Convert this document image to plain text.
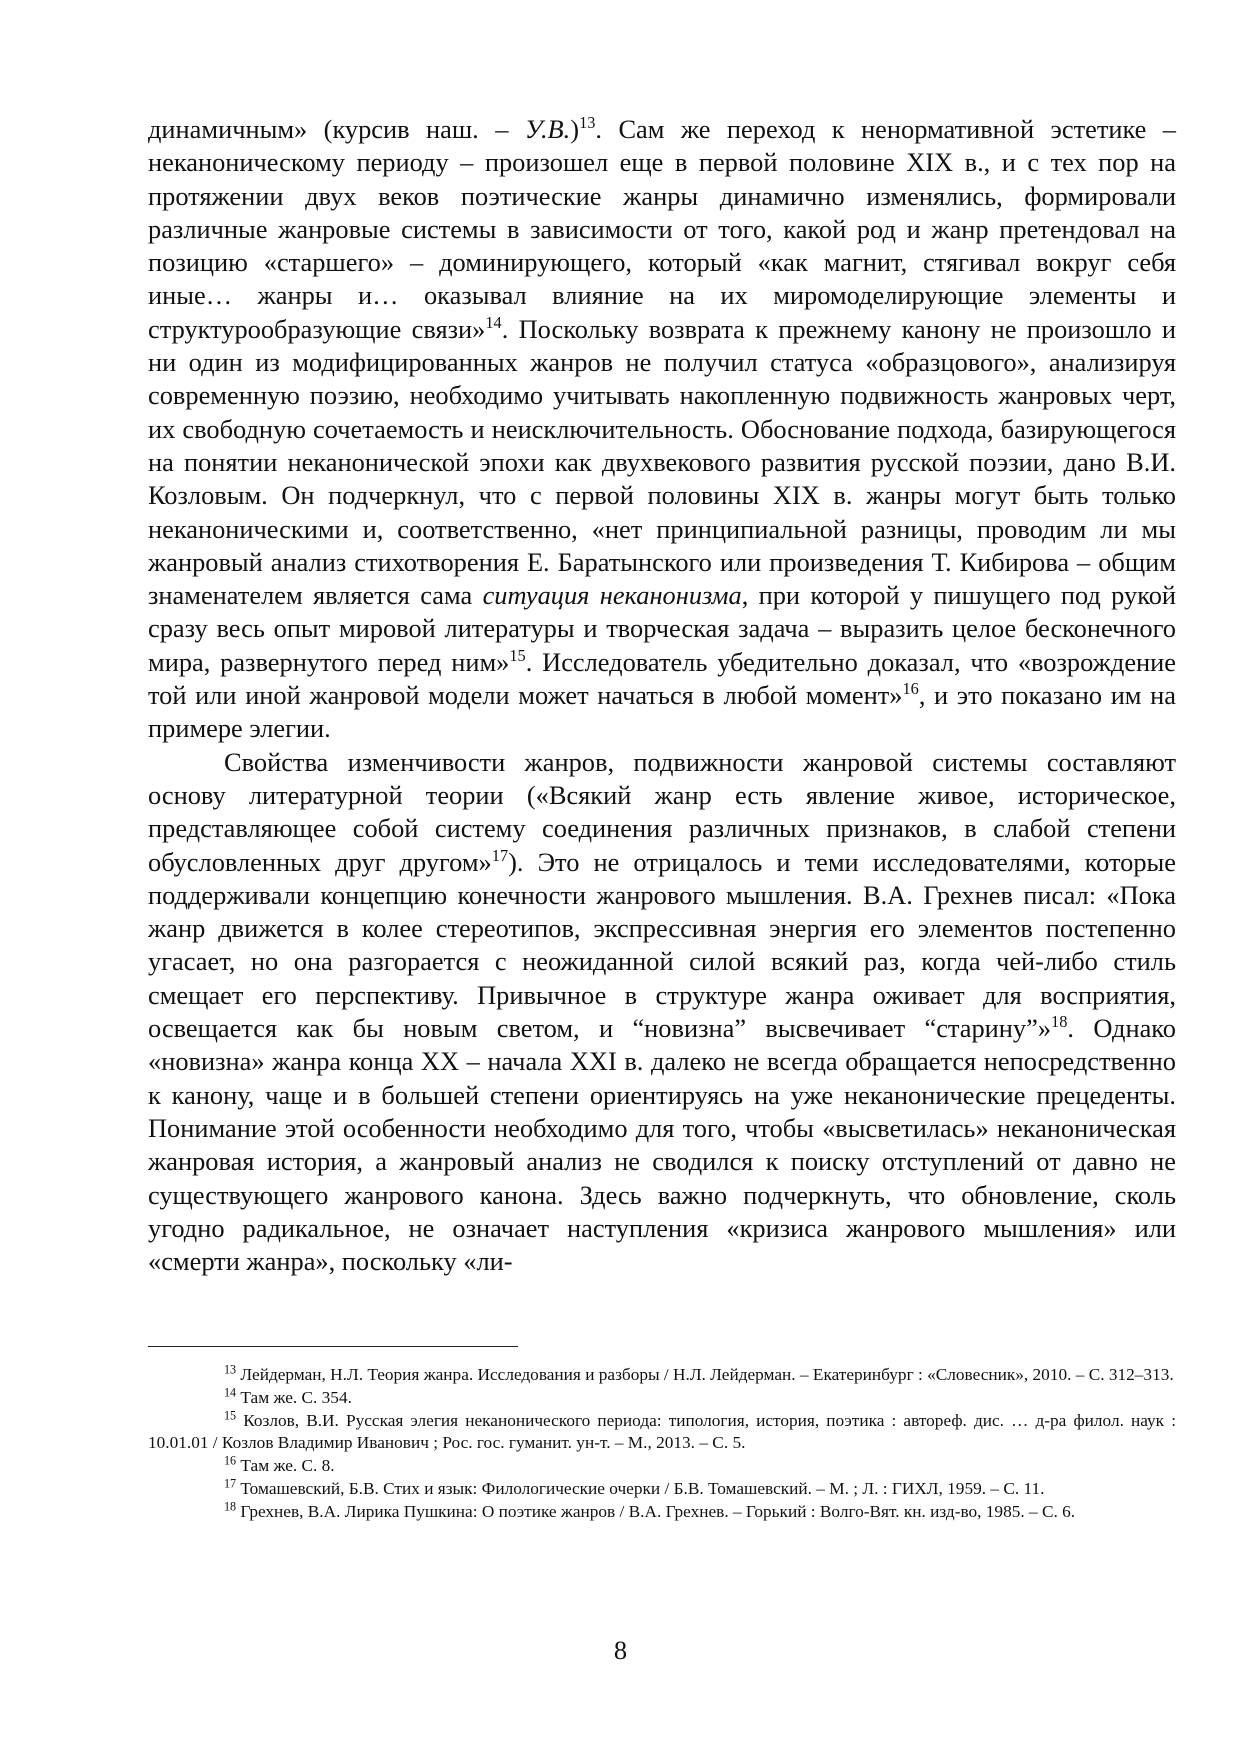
динамичным» (курсив наш. – У.В.)$^{13}$. Сам же переход к ненормативной эстетике – неканоническому периоду – произошел еще в первой половине XIX в., и с тех пор на протяжении двух веков поэтические жанры динамично изменялись, формировали различные жанровые системы в зависимости от того, какой род и жанр претендовал на позицию «старшего» – доминирующего, который «как магнит, стягивал вокруг себя иные… жанры и… оказывал влияние на их миромоделирующие элементы и структурообразующие связи»$^{14}$. Поскольку возврата к прежнему канону не произошло и ни один из модифицированных жанров не получил статуса «образцового», анализируя современную поэзию, необходимо учитывать накопленную подвижность жанровых черт, их свободную сочетаемость и неисключительность. Обоснование подхода, базирующегося на понятии неканонической эпохи как двухвекового развития русской поэзии, дано В.И. Козловым. Он подчеркнул, что с первой половины XIX в. жанры могут быть только неканоническими и, соответственно, «нет принципиальной разницы, проводим ли мы жанровый анализ стихотворения Е. Баратынского или произведения Т. Кибирова – общим знаменателем является сама ситуация неканонизма, при которой у пишущего под рукой сразу весь опыт мировой литературы и творческая задача – выразить целое бесконечного мира, развернутого перед ним»$^{15}$. Исследователь убедительно доказал, что «возрождение той или иной жанровой модели может начаться в любой момент»$^{16}$, и это показано им на примере элегии.

Свойства изменчивости жанров, подвижности жанровой системы составляют основу литературной теории («Всякий жанр есть явление живое, историческое, представляющее собой систему соединения различных признаков, в слабой степени обусловленных друг другом»$^{17}$). Это не отрицалось и теми исследователями, которые поддерживали концепцию конечности жанрового мышления. В.А. Грехнев писал: «Пока жанр движется в колее стереотипов, экспрессивная энергия его элементов постепенно угасает, но она разгорается с неожиданной силой всякий раз, когда чей-либо стиль смещает его перспективу. Привычное в структуре жанра оживает для восприятия, освещается как бы новым светом, и “новизна” высвечивает “старину”»$^{18}$. Однако «новизна» жанра конца XX – начала XXI в. далеко не всегда обращается непосредственно к канону, чаще и в большей степени ориентируясь на уже неканонические прецеденты. Понимание этой особенности необходимо для того, чтобы «высветилась» неканоническая жанровая история, а жанровый анализ не сводился к поиску отступлений от давно не существующего жанрового канона. Здесь важно подчеркнуть, что обновление, сколь угодно радикальное, не означает наступления «кризиса жанрового мышления» или «смерти жанра», поскольку «ли-

$^{13}$ Лейдерман, Н.Л. Теория жанра. Исследования и разборы / Н.Л. Лейдерман. – Екатеринбург : «Словесник», 2010. – С. 312–313.

$^{14}$ Там же. С. 354.

$^{15}$ Козлов, В.И. Русская элегия неканонического периода: типология, история, поэтика : автореф. дис. … д-ра филол. наук : 10.01.01 / Козлов Владимир Иванович ; Рос. гос. гуманит. ун-т. – М., 2013. – С. 5.

$^{16}$ Там же. С. 8.

$^{17}$ Томашевский, Б.В. Стих и язык: Филологические очерки / Б.В. Томашевский. – М. ; Л. : ГИХЛ, 1959. – С. 11.

$^{18}$ Грехнев, В.А. Лирика Пушкина: О поэтике жанров / В.А. Грехнев. – Горький : Волго-Вят. кн. изд-во, 1985. – С. 6.

8
